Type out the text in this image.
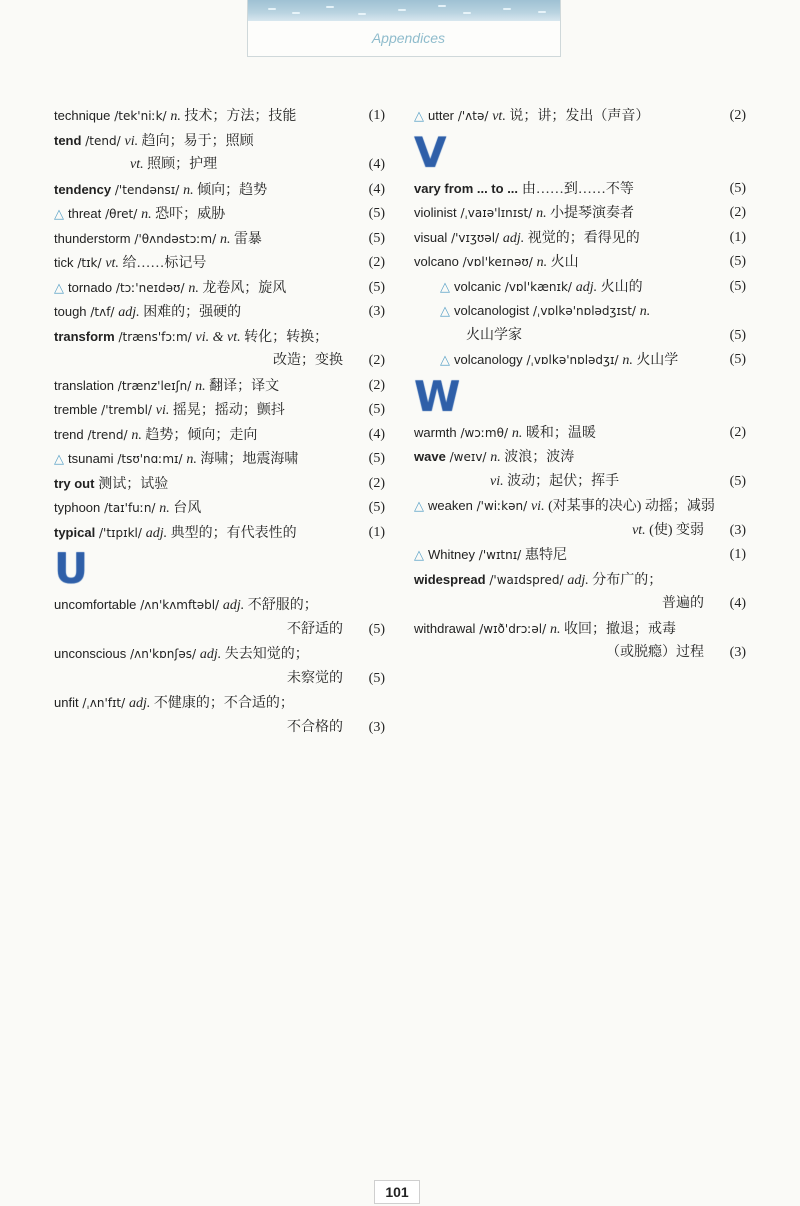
Appendices
technique /tek'niːk/ n. 技术；方法；技能	(1)
tend /tend/ vi. 趋向；易于；照顾
vt. 照顾；护理	(4)
tendency /'tendənsɪ/ n. 倾向；趋势	(4)
△ threat /θret/ n. 恐吓；威胁	(5)
thunderstorm /'θʌndəstɔːm/ n. 雷暴	(5)
tick /tɪk/ vt. 给……标记号	(2)
△ tornado /tɔː'neɪdəʊ/ n. 龙卷风；旋风	(5)
tough /tʌf/ adj. 困难的；强硬的	(3)
transform /træns'fɔːm/ vi. & vt. 转化；转换；
改造；变换 (2)
translation /trænz'leɪʃn/ n. 翻译；译文	(2)
tremble /'trembl/ vi. 摇晃；摇动；颤抖	(5)
trend /trend/ n. 趋势；倾向；走向	(4)
△ tsunami /tsʊ'nɑːmɪ/ n. 海啸；地震海啸	(5)
try out 测试；试验	(2)
typhoon /taɪ'fuːn/ n. 台风	(5)
typical /'tɪpɪkl/ adj. 典型的；有代表性的	(1)
U
uncomfortable /ʌn'kʌmftəbl/ adj. 不舒服的；
不舒适的 (5)
unconscious /ʌn'kɒnʃəs/ adj. 失去知觉的；
未察觉的 (5)
unfit /ˌʌn'fɪt/ adj. 不健康的；不合适的；
不合格的 (3)
△ utter /'ʌtə/ vt. 说；讲；发出（声音）	(2)
V
vary from ... to ... 由……到……不等	(5)
violinist /ˌvaɪə'lɪnɪst/ n. 小提琴演奏者	(2)
visual /'vɪʒʊəl/ adj. 视觉的；看得见的	(1)
volcano /vɒl'keɪnəʊ/ n. 火山	(5)
△ volcanic /vɒl'kænɪk/ adj. 火山的	(5)
△ volcanologist /ˌvɒlkə'nɒlədʒɪst/ n.
火山学家	(5)
△ volcanology /ˌvɒlkə'nɒlədʒɪ/ n. 火山学	(5)
W
warmth /wɔːmθ/ n. 暖和；温暖	(2)
wave /weɪv/ n. 波浪；波涛
vi. 波动；起伏；挥手	(5)
△ weaken /'wiːkən/ vi. (对某事的决心) 动摇；减弱
vt. (使) 变弱 (3)
△ Whitney /'wɪtnɪ/ 惠特尼	(1)
widespread /'waɪdspred/ adj. 分布广的；
普遍的 (4)
withdrawal /wɪð'drɔːəl/ n. 收回；撤退；戒毒
（或脱瘾）过程 (3)
101
